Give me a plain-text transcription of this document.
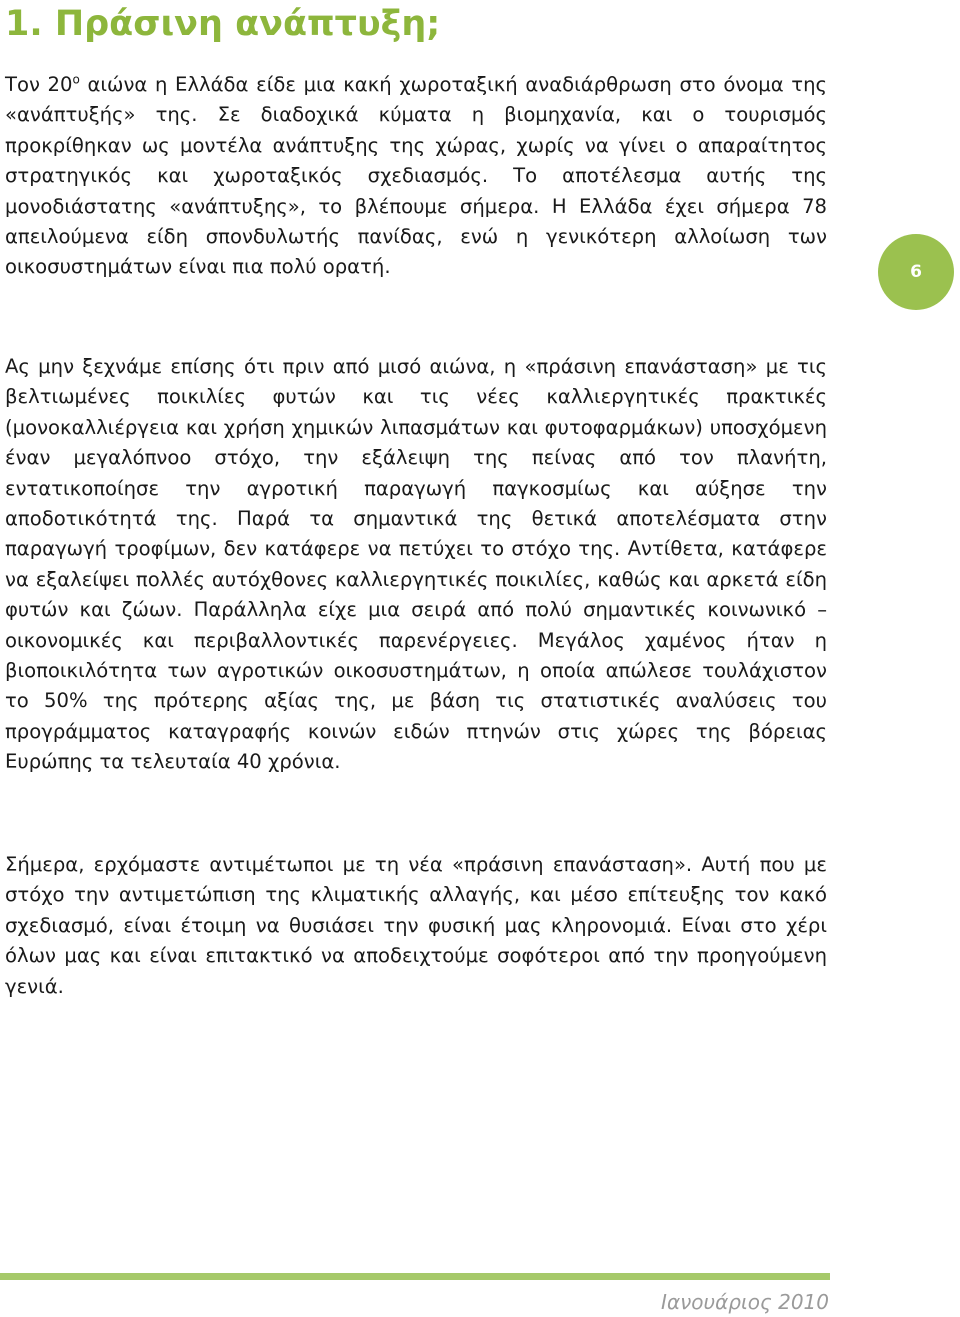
1. Πράσινη ανάπτυξη;

Τον $20^o$ αιώνα η Ελλάδα είδε μια κακή χωροταξική αναδιάρθρωση στο όνομα της «ανάπτυξής» της. Σε διαδοχικά κύματα η βιομηχανία, και ο τουρισμός προκρίθηκαν ως μοντέλα ανάπτυξης της χώρας, χωρίς να γίνει ο απαραίτητος στρατηγικός και χωροταξικός σχεδιασμός. Το αποτέλεσμα αυτής της μονοδιάστατης «ανάπτυξης», το βλέπουμε σήμερα. Η Ελλάδα έχει σήμερα 78 απειλούμενα είδη σπονδυλωτής πανίδας, ενώ η γενικότερη αλλοίωση των οικοσυστημάτων είναι πια πολύ ορατή.	6

Ας μην ξεχνάμε επίσης ότι πριν από μισό αιώνα, η «πράσινη επανάσταση» με τις βελτιωμένες ποικιλίες φυτών και τις νέες καλλιεργητικές πρακτικές (μονοκαλλιέργεια και χρήση χημικών λιπασμάτων και φυτοφαρμάκων) υποσχόμενη έναν μεγαλόπνοο στόχο, την εξάλειψη της πείνας από τον πλανήτη, εντατικοποίησε την αγροτική παραγωγή παγκοσμίως και αύξησε την αποδοτικότητά της. Παρά τα σημαντικά της θετικά αποτελέσματα στην παραγωγή τροφίμων, δεν κατάφερε να πετύχει το στόχο της. Αντίθετα, κατάφερε να εξαλείψει πολλές αυτόχθονες καλλιεργητικές ποικιλίες, καθώς και αρκετά είδη φυτών και ζώων. Παράλληλα είχε μια σειρά από πολύ σημαντικές κοινωνικό –οικονομικές και περιβαλλοντικές παρενέργειες. Μεγάλος χαμένος ήταν η βιοποικιλότητα των αγροτικών οικοσυστημάτων, η οποία απώλεσε τουλάχιστον το 50% της πρότερης αξίας της, με βάση τις στατιστικές αναλύσεις του προγράμματος καταγραφής κοινών ειδών πτηνών στις χώρες της βόρειας Ευρώπης τα τελευταία 40 χρόνια.

Σήμερα, ερχόμαστε αντιμέτωποι με τη νέα «πράσινη επανάσταση». Αυτή που με στόχο την αντιμετώπιση της κλιματικής αλλαγής, και μέσο επίτευξης τον κακό σχεδιασμό, είναι έτοιμη να θυσιάσει την φυσική μας κληρονομιά. Είναι στο χέρι όλων μας και είναι επιτακτικό να αποδειχτούμε σοφότεροι από την προηγούμενη γενιά.

Ιανουάριος 2010
